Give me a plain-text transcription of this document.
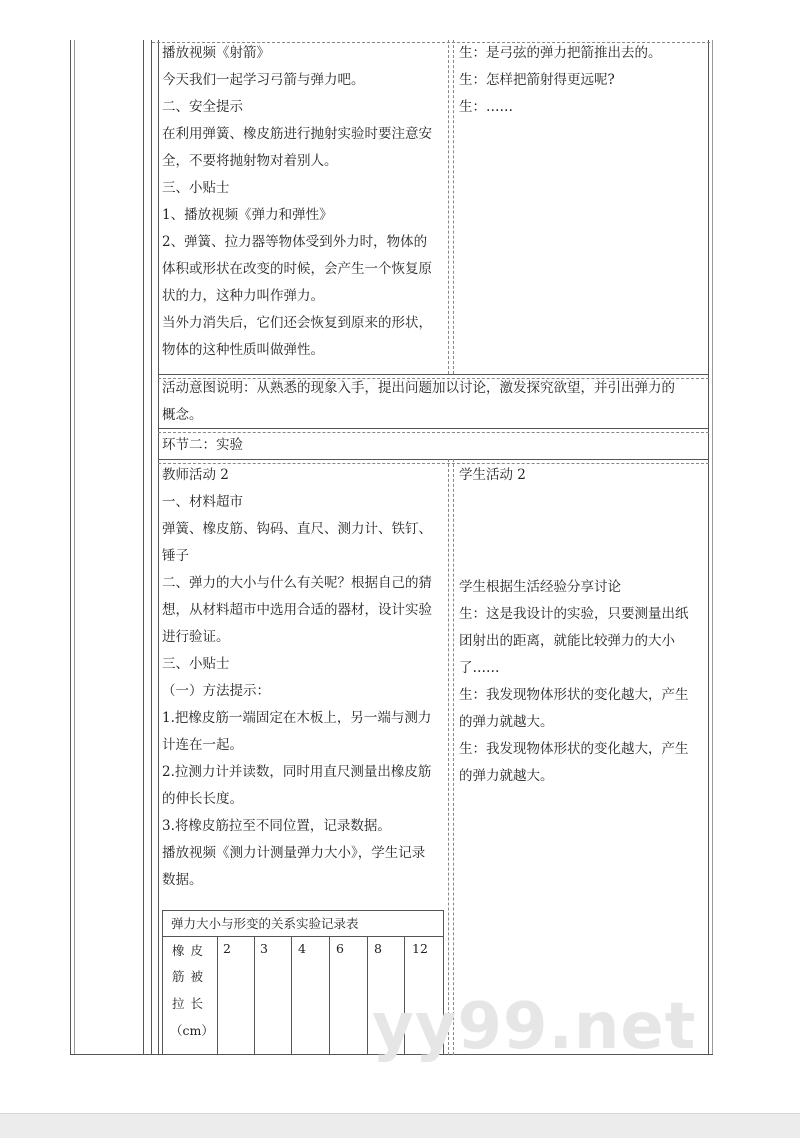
播放视频《射箭》
今天我们一起学习弓箭与弹力吧。
二、安全提示
在利用弹簧、橡皮筋进行抛射实验时要注意安
全，不要将抛射物对着别人。
三、小贴士
1、播放视频《弹力和弹性》
2、弹簧、拉力器等物体受到外力时，物体的
体积或形状在改变的时候，会产生一个恢复原
状的力，这种力叫作弹力。
当外力消失后，它们还会恢复到原来的形状，
物体的这种性质叫做弹性。
生：是弓弦的弹力把箭推出去的。
生：怎样把箭射得更远呢?
生：……
活动意图说明：从熟悉的现象入手，提出问题加以讨论，激发探究欲望，并引出弹力的
概念。
环节二：实验
教师活动 2
一、材料超市
弹簧、橡皮筋、钩码、直尺、测力计、铁钉、
锤子
二、弹力的大小与什么有关呢？根据自己的猜
想，从材料超市中选用合适的器材，设计实验
进行验证。
三、小贴士
（一）方法提示：
1.把橡皮筋一端固定在木板上，另一端与测力
计连在一起。
2.拉测力计并读数，同时用直尺测量出橡皮筋
的伸长长度。
3.将橡皮筋拉至不同位置，记录数据。
播放视频《测力计测量弹力大小》，学生记录
数据。
学生活动 2
学生根据生活经验分享讨论
生：这是我设计的实验，只要测量出纸
团射出的距离，就能比较弹力的大小
了……
生：我发现物体形状的变化越大，产生
的弹力就越大。
生：我发现物体形状的变化越大，产生
的弹力就越大。
弹力大小与形变的关系实验记录表
橡 皮
筋 被
拉 长
（cm）
2 3 4 6 8 12
yy99.net
